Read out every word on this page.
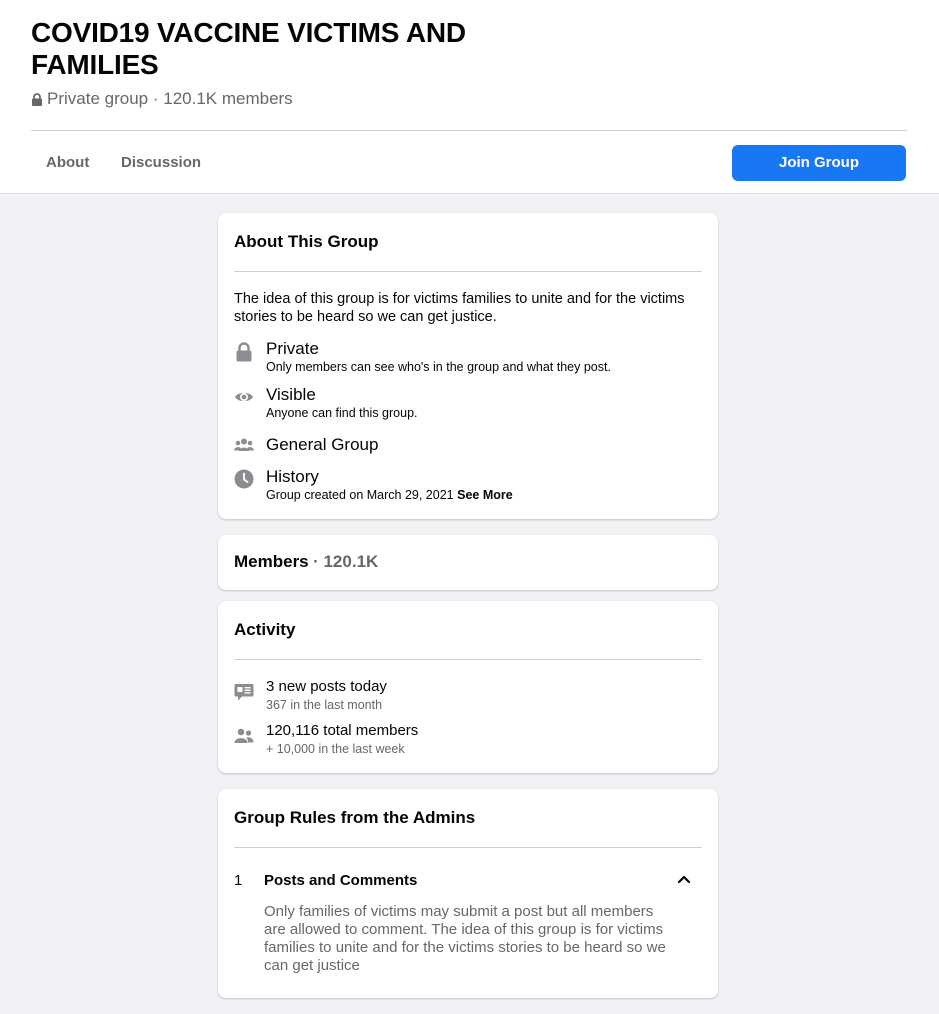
COVID19 VACCINE VICTIMS AND FAMILIES
Private group · 120.1K members
About	Discussion	Join Group
About This Group
The idea of this group is for victims families to unite and for the victims stories to be heard so we can get justice.
Private
Only members can see who's in the group and what they post.
Visible
Anyone can find this group.
General Group
History
Group created on March 29, 2021 See More
Members · 120.1K
Activity
3 new posts today
367 in the last month
120,116 total members
+ 10,000 in the last week
Group Rules from the Admins
1 Posts and Comments
Only families of victims may submit a post but all members are allowed to comment. The idea of this group is for victims families to unite and for the victims stories to be heard so we can get justice
